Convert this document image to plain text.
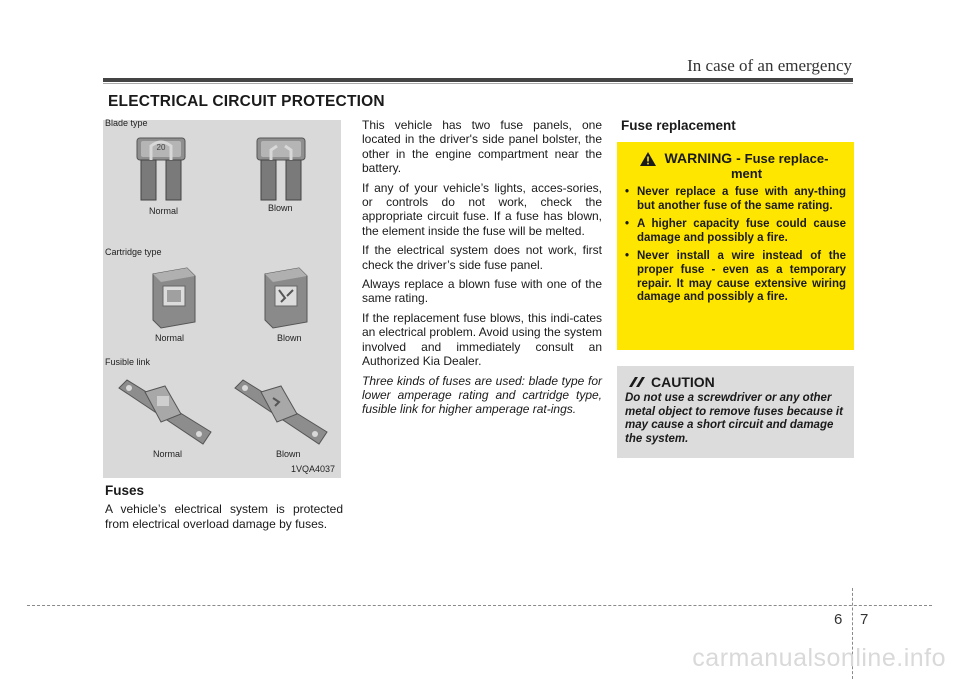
In case of an emergency
ELECTRICAL CIRCUIT PROTECTION
Blade type
20
Normal	Blown
Cartridge type
Normal	Blown
Fusible link
Normal	Blown
1VQA4037
Fuses
A vehicle’s electrical system is protected from electrical overload damage by fuses.

This vehicle has two fuse panels, one located in the driver's side panel bolster, the other in the engine compartment near the battery.

If any of your vehicle’s lights, acces-sories, or controls do not work, check the appropriate circuit fuse. If a fuse has blown, the element inside the fuse will be melted.

If the electrical system does not work, first check the driver’s side fuse panel.

Always replace a blown fuse with one of the same rating.

If the replacement fuse blows, this indi-cates an electrical problem. Avoid using the system involved and immediately consult an Authorized Kia Dealer.

Three kinds of fuses are used: blade type for lower amperage rating and cartridge type, fusible link for higher amperage rat-ings.

Fuse replacement
WARNING - Fuse replace-ment
• Never replace a fuse with any-thing but another fuse of the same rating.
• A higher capacity fuse could cause damage and possibly a fire.
• Never install a wire instead of the proper fuse - even as a temporary repair. It may cause extensive wiring damage and possibly a fire.
CAUTION
Do not use a screwdriver or any other metal object to remove fuses because it may cause a short circuit and damage the system.
6 7
carmanualsonline.info
